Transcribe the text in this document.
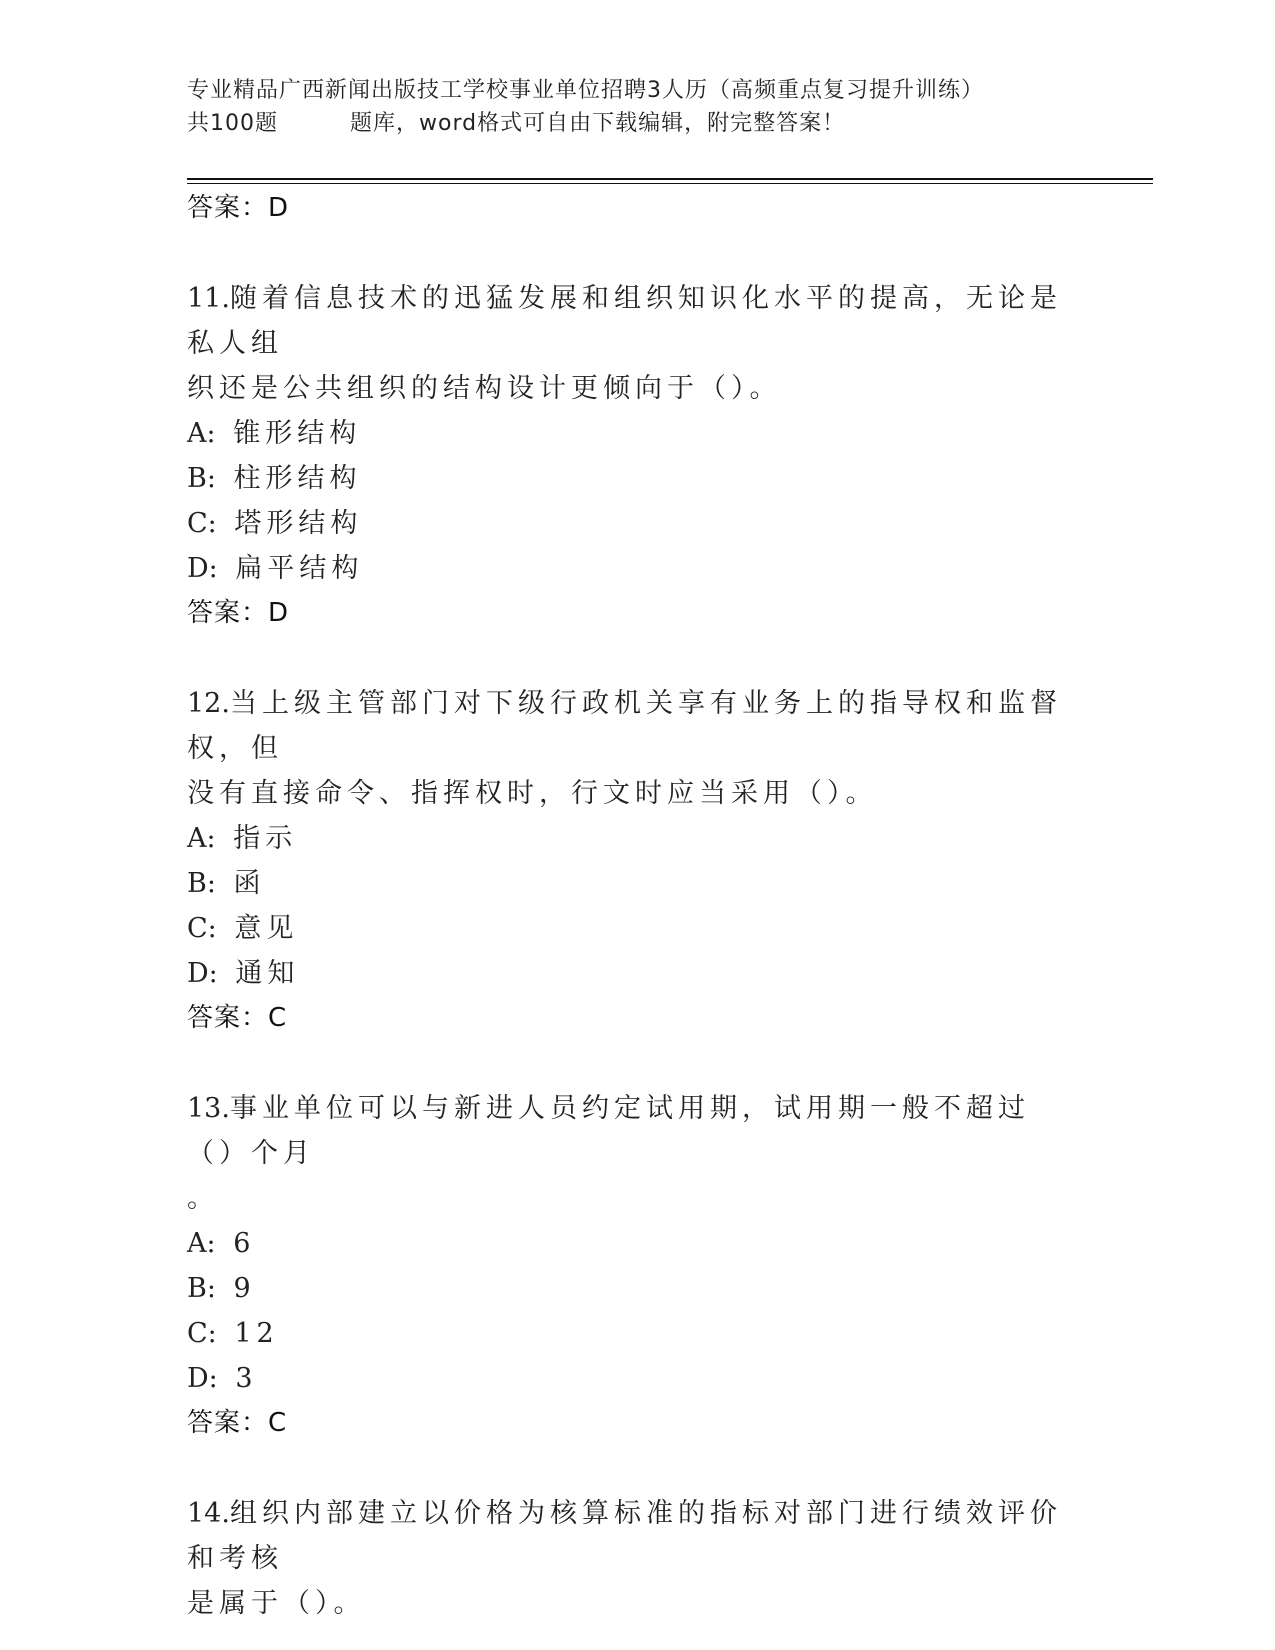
专业精品广西新闻出版技工学校事业单位招聘3人历（高频重点复习提升训练）
共100题	题库，word格式可自由下载编辑，附完整答案！
答案：D
11.随着信息技术的迅猛发展和组织知识化水平的提高，无论是私人组
织还是公共组织的结构设计更倾向于（）。
A: 锥形结构
B: 柱形结构
C: 塔形结构
D: 扁平结构
答案：D
12.当上级主管部门对下级行政机关享有业务上的指导权和监督权，但
没有直接命令、指挥权时，行文时应当采用（）。
A: 指示
B: 函
C: 意见
D: 通知
答案：C
13.事业单位可以与新进人员约定试用期，试用期一般不超过（）个月
。
A: 6
B: 9
C: 12
D: 3
答案：C
14.组织内部建立以价格为核算标准的指标对部门进行绩效评价和考核
是属于（）。
